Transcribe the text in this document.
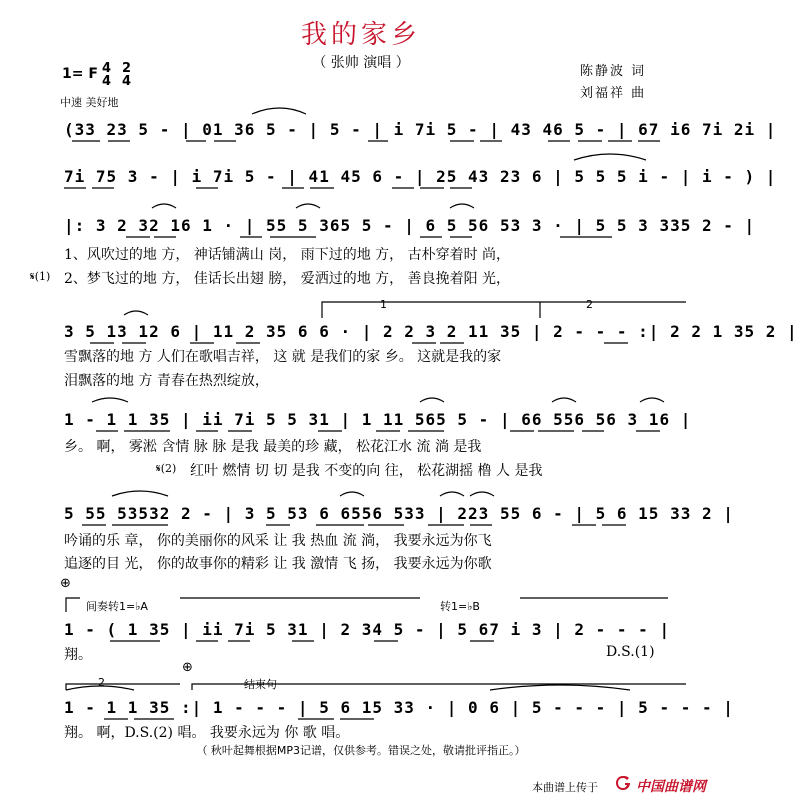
我的家乡
（ 张帅 演唱 ）
陈静波 词
刘福祥 曲
1= F 4
4
2
4
中速 美好地
(33 23 5 - | 01 36 5 - | 5 - | i 7i 5 - | 43 46 5 - | 67 i6 7i 2i |
7i 75 3 - | i 7i 5 - | 41 45 6 - | 25 43 23 6 | 5 5 5 i - | i - ) |
|: 3 2 32 16 1 · | 55 5 365 5 - | 6 5 56 53 3 · | 5 5 3 335 2 - |
1、风吹过的地 方， 神话铺满山 岗， 雨下过的地 方， 古朴穿着时 尚，
𝄋(1) 2、梦飞过的地 方， 佳话长出翅 膀， 爱洒过的地 方， 善良挽着阳 光，
1	2
3 5 13 12 6 | 11 2 35 6 6 · | 2 2 3 2 11 35 | 2 - - - :| 2 2 1 35 2 |
雪飘落的地 方 人们在歌唱吉祥， 这 就 是我们的家 乡。 这就是我的家
泪飘落的地 方 青春在热烈绽放，
1 - 1 1 35 | ii 7i 5 5 31 | 1 11 565 5 - | 66 556 56 3 16 |
乡。 啊， 雾淞 含情 脉 脉 是我 最美的珍 藏， 松花江水 流 淌 是我
𝄋(2) 红叶 燃情 切 切 是我 不变的向 往， 松花湖摇 橹 人 是我
5 55 53532 2 - | 3 5 53 6 6556 533 | 223 55 6 - | 5 6 15 33 2 |
吟诵的乐 章， 你的美丽你的风采 让 我 热血 流 淌， 我要永远为你飞
追逐的目 光， 你的故事你的精彩 让 我 激情 飞 扬， 我要永远为你歌
⊕
间奏转1=♭A	转1=♭B
1 - ( 1 35 | ii 7i 5 31 | 2 34 5 - | 5 67 i 3 | 2 - - - |
翔。	D.S.(1)
2
⊕
结束句
1 - 1 1 35 :| 1 - - - | 5 6 15 33 · | 0 6 | 5 - - - | 5 - - - |
翔。 啊，D.S.(2) 唱。 我要永远为 你 歌 唱。
（ 秋叶起舞根据MP3记谱，仅供参考。错误之处，敬请批评指正。）
本曲谱上传于	中国曲谱网
